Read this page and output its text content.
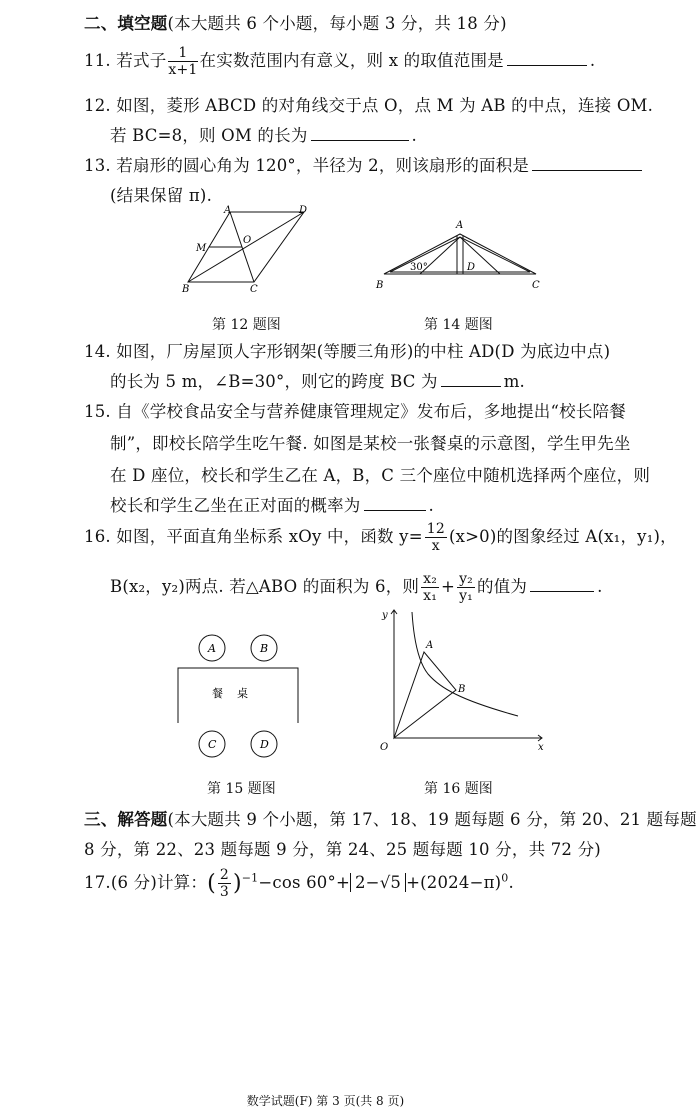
二、填空题(本大题共 6 个小题，每小题 3 分，共 18 分)
11. 若式子 $\frac{1}{x+1}$ 在实数范围内有意义，则 x 的取值范围是	.
12. 如图，菱形 ABCD 的对角线交于点 O，点 M 为 AB 的中点，连接 OM.
若 BC=8，则 OM 的长为	.
13. 若扇形的圆心角为 120°，半径为 2，则该扇形的面积是
(结果保留 π).
A	D
M
O
B	C
第 12 题图
A
D
B	C
30°
第 14 题图
14. 如图，厂房屋顶人字形钢架(等腰三角形)的中柱 AD(D 为底边中点)
的长为 5 m，∠B=30°，则它的跨度 BC 为	m.
15. 自《学校食品安全与营养健康管理规定》发布后，多地提出“校长陪餐
制”，即校长陪学生吃午餐. 如图是某校一张餐桌的示意图，学生甲先坐
在 D 座位，校长和学生乙在 A，B，C 三个座位中随机选择两个座位，则
校长和学生乙坐在正对面的概率为	.
16. 如图，平面直角坐标系 xOy 中，函数 $y= \frac{12}{x} (x>0)$的图象经过 A(x₁，y₁)，
B(x₂，y₂)两点. 若△ABO 的面积为 6，则 $\frac{\text{x₂}}{\text{x₁}} + \frac{\text{y₂}}{\text{y₁}}$ 的值为	.
A	B
C	D
餐    桌
第 15 题图
y
x
O
A
B
第 16 题图
三、解答题(本大题共 9 个小题，第 17、18、19 题每题 6 分，第 20、21 题每题
8 分，第 22、23 题每题 9 分，第 24、25 题每题 10 分，共 72 分)
17.(6 分)计算：( $\frac{2}{3} )^{-1}-\cos$ $60^\circ+ 2-√5 +(2024-\pi)^0$.
数学试题(F) 第 3 页(共 8 页)
